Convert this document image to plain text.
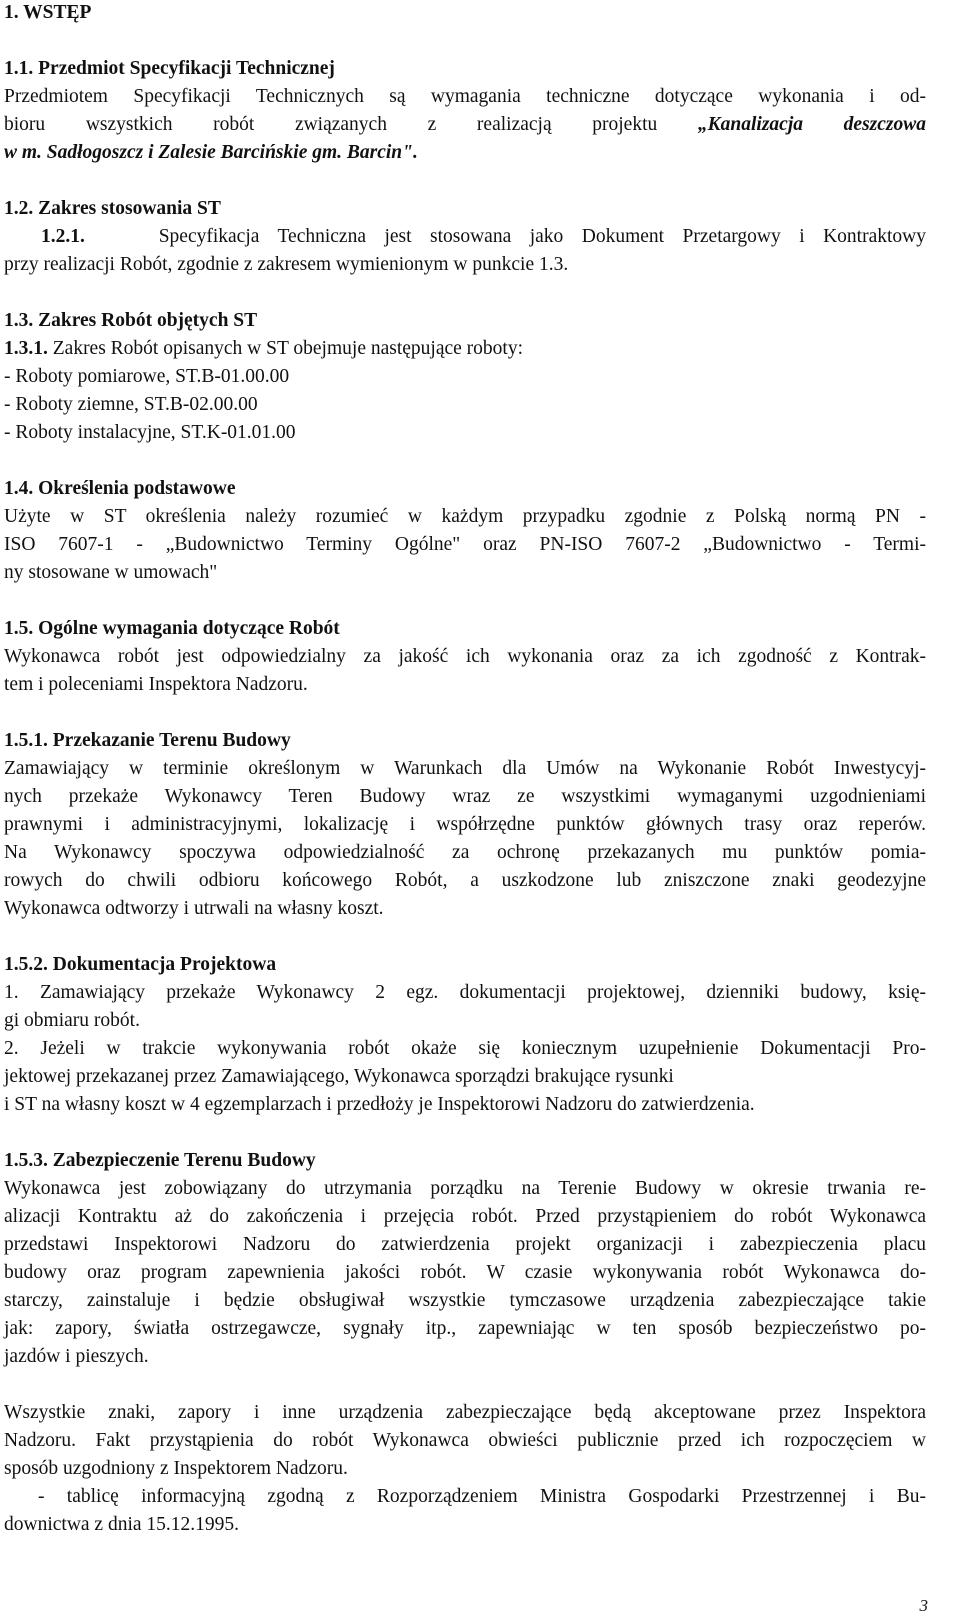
1. WSTĘP
1.1. Przedmiot Specyfikacji Technicznej
Przedmiotem Specyfikacji Technicznych są wymagania techniczne dotyczące wykonania i od-
bioru wszystkich robót związanych z realizacją projektu „Kanalizacja deszczowa
w m. Sadłogoszcz i Zalesie Barcińskie gm. Barcin".
1.2. Zakres stosowania ST
1.2.1.	Specyfikacja Techniczna jest stosowana jako Dokument Przetargowy i Kontraktowy
przy realizacji Robót, zgodnie z zakresem wymienionym w punkcie 1.3.
1.3. Zakres Robót objętych ST
1.3.1. Zakres Robót opisanych w ST obejmuje następujące roboty:
- Roboty pomiarowe, ST.B-01.00.00
- Roboty ziemne, ST.B-02.00.00
- Roboty instalacyjne, ST.K-01.01.00
1.4. Określenia podstawowe
Użyte w ST określenia należy rozumieć w każdym przypadku zgodnie z Polską normą PN -
ISO 7607-1 - „Budownictwo Terminy Ogólne" oraz PN-ISO 7607-2 „Budownictwo - Termi-
ny stosowane w umowach"
1.5. Ogólne wymagania dotyczące Robót
Wykonawca robót jest odpowiedzialny za jakość ich wykonania oraz za ich zgodność z Kontrak-
tem i poleceniami Inspektora Nadzoru.
1.5.1. Przekazanie Terenu Budowy
Zamawiający w terminie określonym w Warunkach dla Umów na Wykonanie Robót Inwestycyj-
nych przekaże Wykonawcy Teren Budowy wraz ze wszystkimi wymaganymi uzgodnieniami
prawnymi i administracyjnymi, lokalizację i współrzędne punktów głównych trasy oraz reperów.
Na Wykonawcy spoczywa odpowiedzialność za ochronę przekazanych mu punktów pomia-
rowych do chwili odbioru końcowego Robót, a uszkodzone lub zniszczone znaki geodezyjne
Wykonawca odtworzy i utrwali na własny koszt.
1.5.2. Dokumentacja Projektowa
1. Zamawiający przekaże Wykonawcy 2 egz. dokumentacji projektowej, dzienniki budowy, księ-
gi obmiaru robót.
2. Jeżeli w trakcie wykonywania robót okaże się koniecznym uzupełnienie Dokumentacji Pro-
jektowej przekazanej przez Zamawiającego, Wykonawca sporządzi brakujące rysunki
i ST na własny koszt w 4 egzemplarzach i przedłoży je Inspektorowi Nadzoru do zatwierdzenia.
1.5.3. Zabezpieczenie Terenu Budowy
Wykonawca jest zobowiązany do utrzymania porządku na Terenie Budowy w okresie trwania re-
alizacji Kontraktu aż do zakończenia i przejęcia robót. Przed przystąpieniem do robót Wykonawca
przedstawi Inspektorowi Nadzoru do zatwierdzenia projekt organizacji i zabezpieczenia placu
budowy oraz program zapewnienia jakości robót. W czasie wykonywania robót Wykonawca do-
starczy, zainstaluje i będzie obsługiwał wszystkie tymczasowe urządzenia zabezpieczające takie
jak: zapory, światła ostrzegawcze, sygnały itp., zapewniając w ten sposób bezpieczeństwo po-
jazdów i pieszych.
Wszystkie znaki, zapory i inne urządzenia zabezpieczające będą akceptowane przez Inspektora
Nadzoru. Fakt przystąpienia do robót Wykonawca obwieści publicznie przed ich rozpoczęciem w
sposób uzgodniony z Inspektorem Nadzoru.
- tablicę informacyjną zgodną z Rozporządzeniem Ministra Gospodarki Przestrzennej i Bu-
downictwa z dnia 15.12.1995.
3
